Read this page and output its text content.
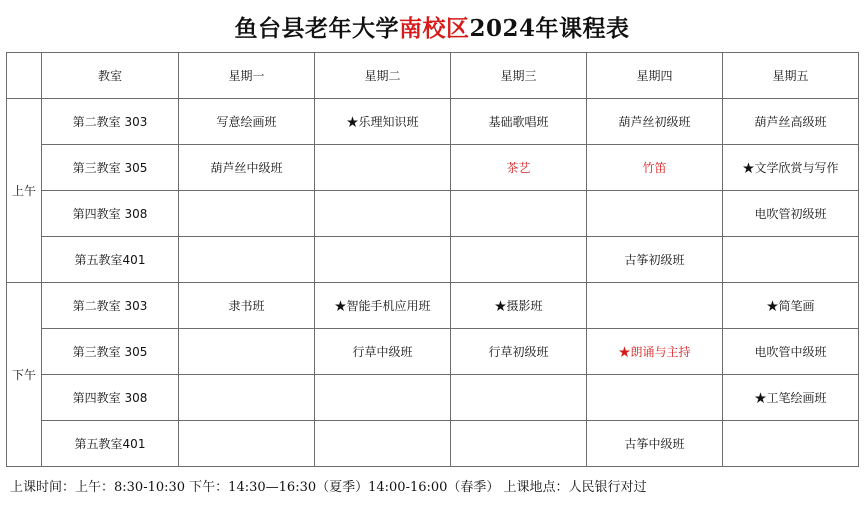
鱼台县老年大学南校区2024年课程表
	教室	星期一	星期二	星期三	星期四	星期五
上午	第二教室 303	写意绘画班	★乐理知识班	基础歌唱班	葫芦丝初级班	葫芦丝高级班
	第三教室 305	葫芦丝中级班		茶艺	竹笛	★文学欣赏与写作
	第四教室 308					电吹管初级班
	第五教室401				古筝初级班	
下午	第二教室 303	隶书班	★智能手机应用班	★摄影班		★简笔画
	第三教室 305		行草中级班	行草初级班	★朗诵与主持	电吹管中级班
	第四教室 308					★工笔绘画班
	第五教室401				古筝中级班	
上课时间：上午：8:30-10:30 下午：14:30—16:30（夏季）14:00-16:00（春季） 上课地点：人民银行对过
